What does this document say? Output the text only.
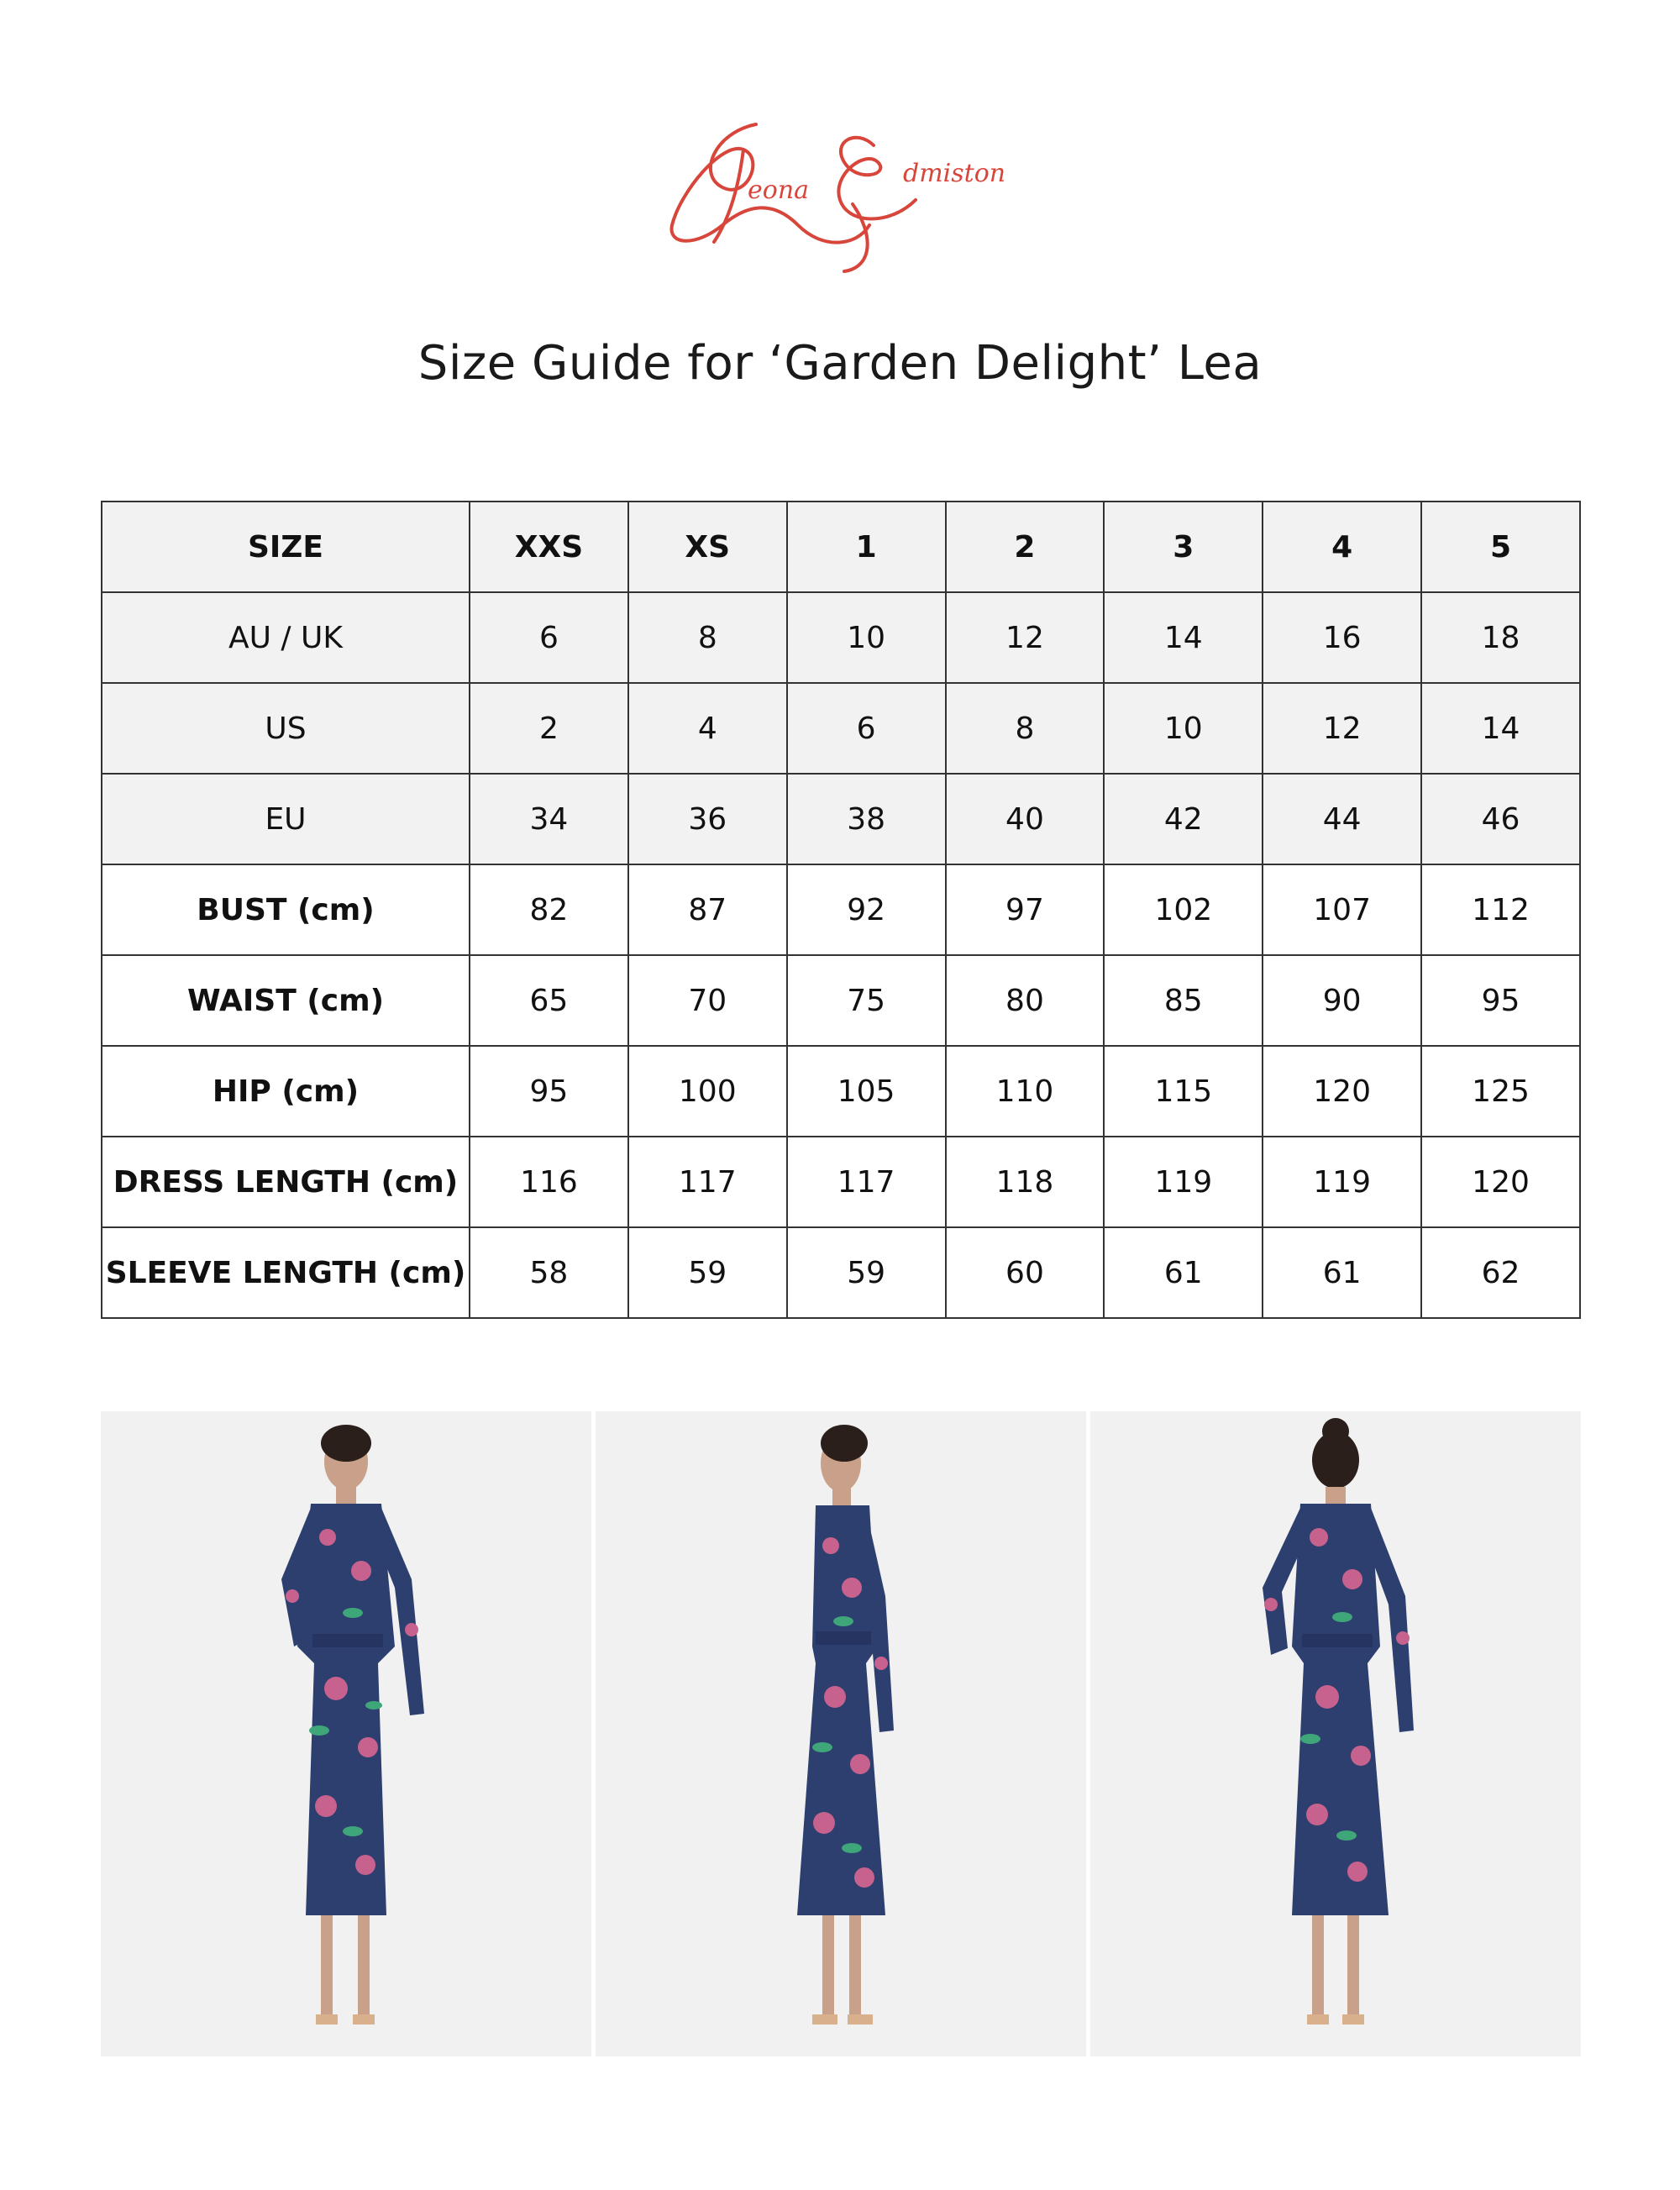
eona
dmiston
Size Guide for ‘Garden Delight’ Lea
SIZE	XXS	XS	1	2	3	4	5
AU / UK	6	8	10	12	14	16	18
US	2	4	6	8	10	12	14
EU	34	36	38	40	42	44	46
BUST (cm)	82	87	92	97	102	107	112
WAIST (cm)	65	70	75	80	85	90	95
HIP (cm)	95	100	105	110	115	120	125
DRESS LENGTH (cm)	116	117	117	118	119	119	120
SLEEVE LENGTH (cm)	58	59	59	60	61	61	62
